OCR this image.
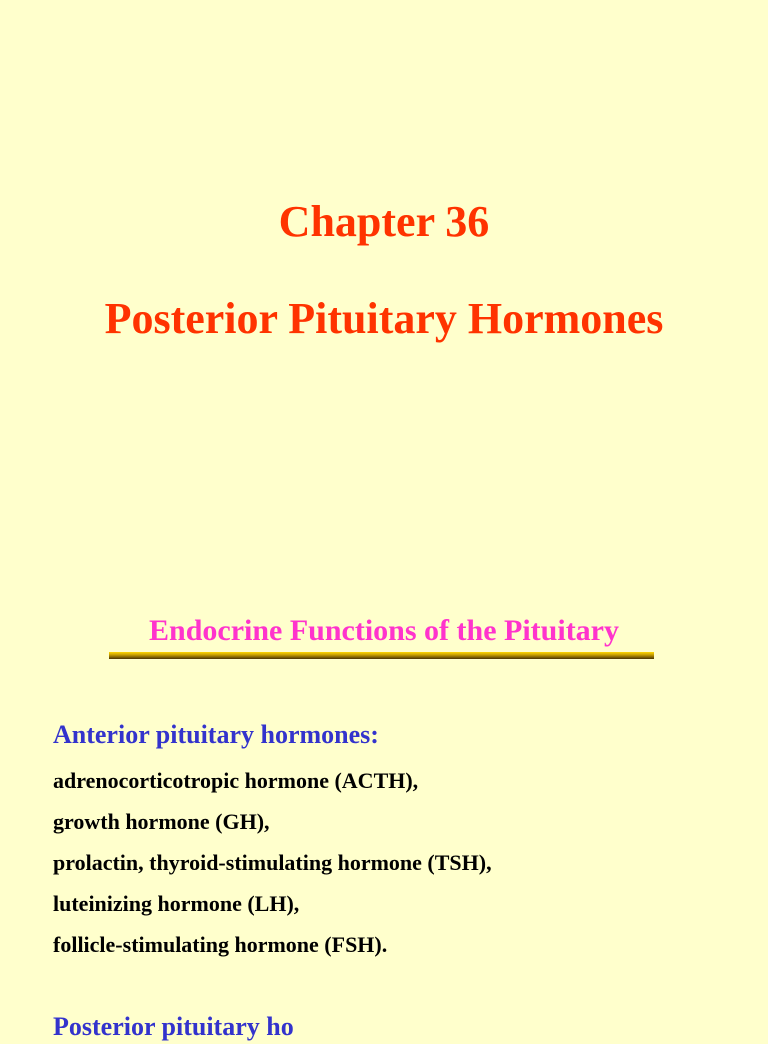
Chapter 36
Posterior Pituitary Hormones
Endocrine Functions of the Pituitary
Anterior pituitary hormones:
adrenocorticotropic hormone (ACTH),
growth hormone (GH),
prolactin, thyroid-stimulating hormone (TSH),
luteinizing hormone (LH),
follicle-stimulating hormone (FSH).
Posterior pituitary ho
